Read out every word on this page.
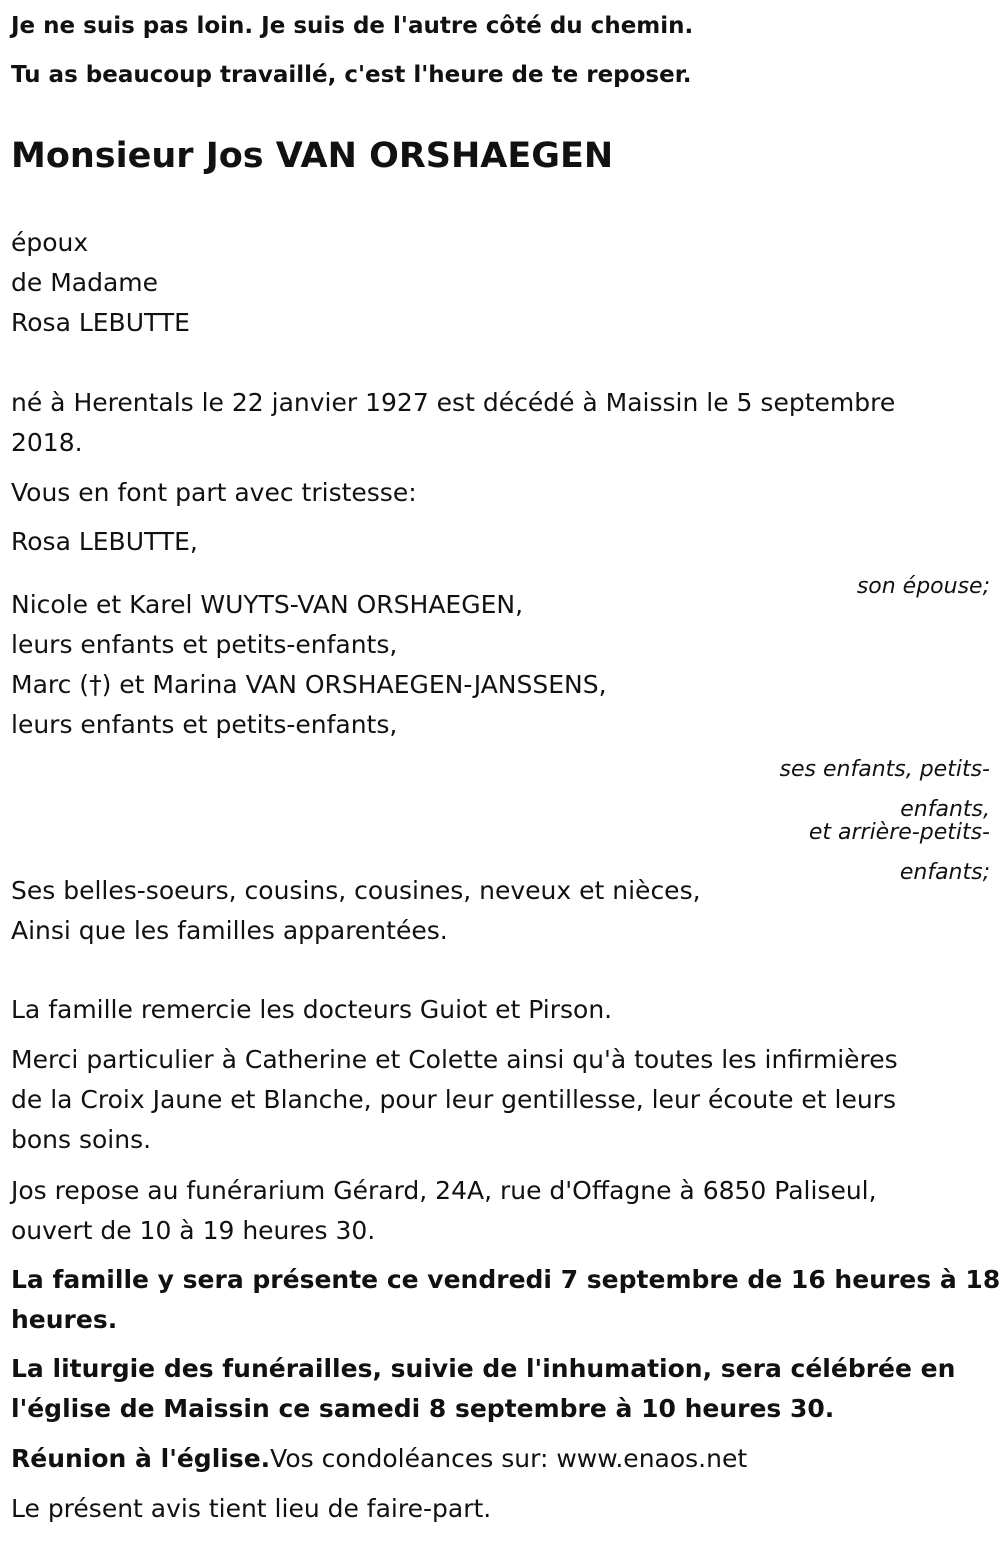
Je ne suis pas loin. Je suis de l'autre côté du chemin.
Tu as beaucoup travaillé, c'est l'heure de te reposer.
Monsieur Jos VAN ORSHAEGEN
époux
de Madame
Rosa LEBUTTE
né à Herentals le 22 janvier 1927 est décédé à Maissin le 5 septembre
2018.

Vous en font part avec tristesse:

Rosa LEBUTTE,

son épouse;

Nicole et Karel WUYTS-VAN ORSHAEGEN,
leurs enfants et petits-enfants,
Marc (†) et Marina VAN ORSHAEGEN-JANSSENS,
leurs enfants et petits-enfants,

ses enfants, petits-

enfants,

et arrière-petits-

enfants;

Ses belles-soeurs, cousins, cousines, neveux et nièces,
Ainsi que les familles apparentées.

La famille remercie les docteurs Guiot et Pirson.

Merci particulier à Catherine et Colette ainsi qu'à toutes les infirmières
de la Croix Jaune et Blanche, pour leur gentillesse, leur écoute et leurs
bons soins.
Jos repose au funérarium Gérard, 24A, rue d'Offagne à 6850 Paliseul,
ouvert de 10 à 19 heures 30.
La famille y sera présente ce vendredi 7 septembre de 16 heures à 18
heures.
La liturgie des funérailles, suivie de l'inhumation, sera célébrée en
l'église de Maissin ce samedi 8 septembre à 10 heures 30.

Réunion à l'église.Vos condoléances sur: www.enaos.net

Le présent avis tient lieu de faire-part.
